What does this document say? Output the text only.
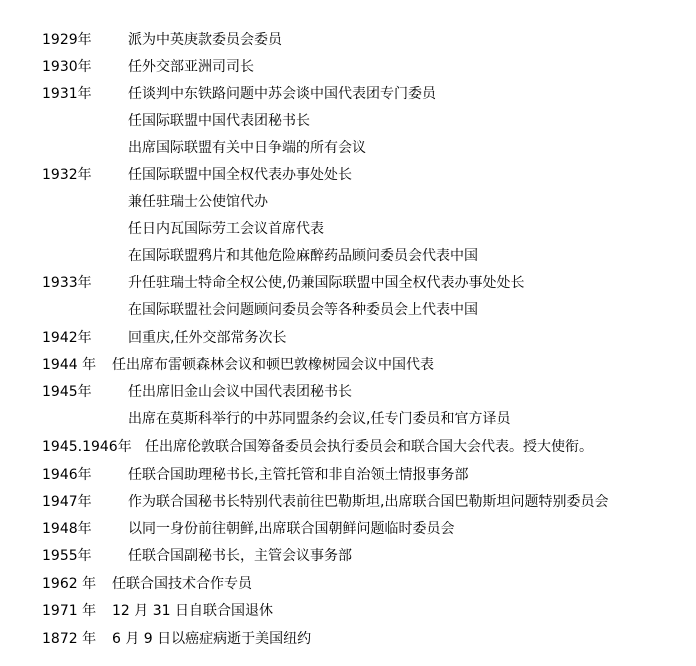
1929年	派为中英庚款委员会委员
1930年	任外交部亚洲司司长
1931年	任谈判中东铁路问题中苏会谈中国代表团专门委员
任国际联盟中国代表团秘书长
出席国际联盟有关中日争端的所有会议
1932年	任国际联盟中国全权代表办事处处长
兼任驻瑞士公使馆代办
任日内瓦国际劳工会议首席代表
在国际联盟鸦片和其他危险麻醉药品顾问委员会代表中国
1933年	升任驻瑞士特命全权公使,仍兼国际联盟中国全权代表办事处处长
在国际联盟社会问题顾问委员会等各种委员会上代表中国
1942年	回重庆,任外交部常务次长
1944 年 任出席布雷顿森林会议和顿巴敦橡树园会议中国代表
1945年	任出席旧金山会议中国代表团秘书长
出席在莫斯科举行的中苏同盟条约会议,任专门委员和官方译员
1945.1946年 任出席伦敦联合国筹备委员会执行委员会和联合国大会代表。授大使衔。
1946年	任联合国助理秘书长,主管托管和非自治领土情报事务部
1947年	作为联合国秘书长特别代表前往巴勒斯坦,出席联合国巴勒斯坦问题特别委员会
1948年	以同一身份前往朝鲜,出席联合国朝鲜问题临时委员会
1955年	任联合国副秘书长，主管会议事务部
1962 年 任联合国技术合作专员
1971 年 12 月 31 日自联合国退休
1872 年 6 月 9 日以癌症病逝于美国纽约
